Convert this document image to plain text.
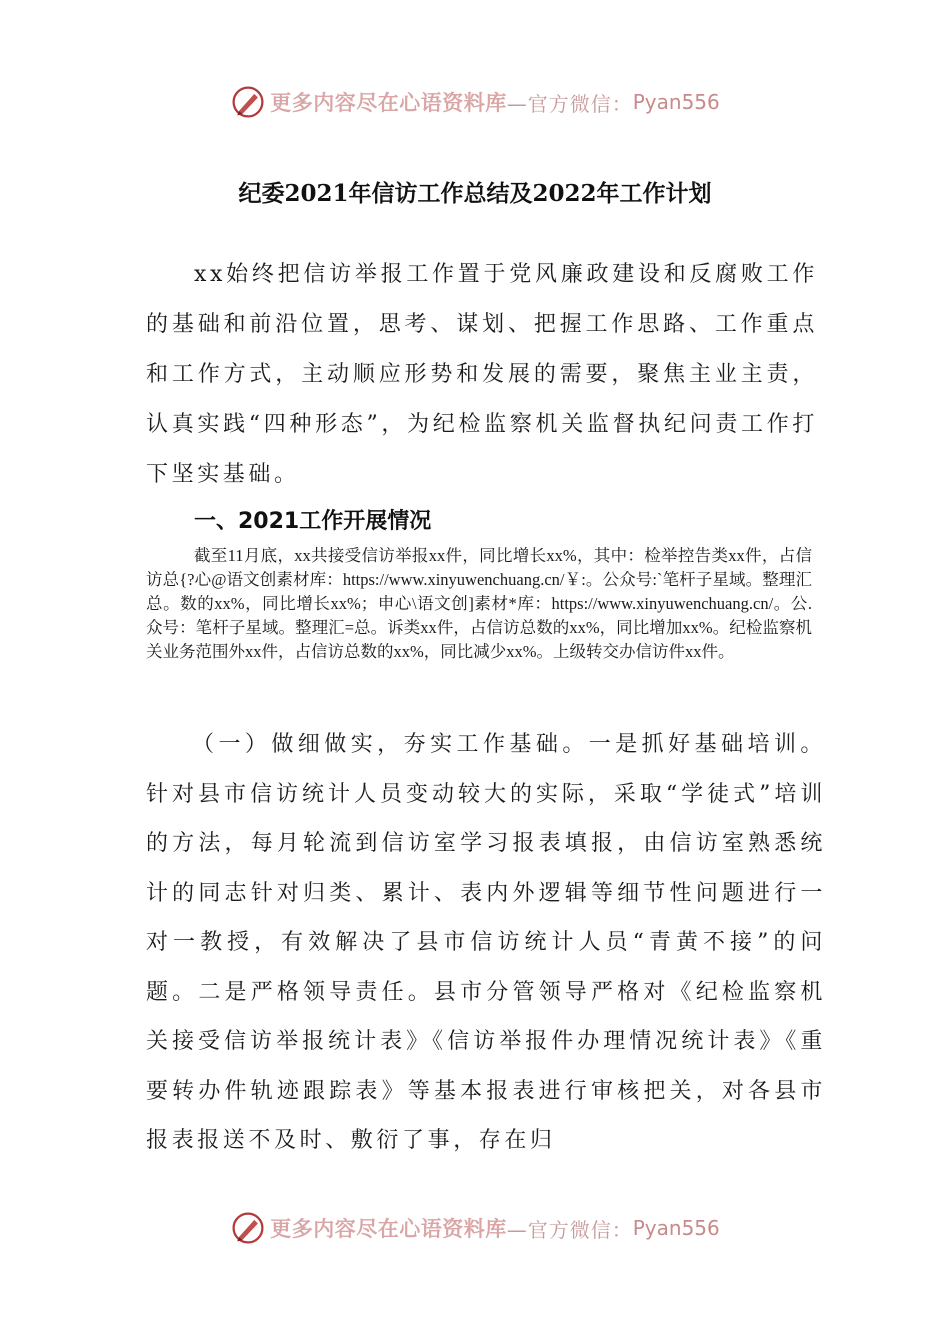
更多内容尽在心语资料库 —官方微信： Pyan556
纪委2021年信访工作总结及2022年工作计划

xx始终把信访举报工作置于党风廉政建设和反腐败工作的基础和前沿位置，思考、谋划、把握工作思路、工作重点和工作方式，主动顺应形势和发展的需要，聚焦主业主责，认真实践“四种形态”，为纪检监察机关监督执纪问责工作打下坚实基础。

一、2021工作开展情况

截至11月底，xx共接受信访举报xx件，同比增长xx%，其中：检举控告类xx件，占信访总{?心@语文创素材库：https://www.xinyuwenchuang.cn/￥:。公众号:`笔杆子星域。整理汇总。数的xx%，同比增长xx%；申心\语文创]素材*库：https://www.xinyuwenchuang.cn/。公.众号：笔杆子星域。整理汇=总。诉类xx件，占信访总数的xx%，同比增加xx%。纪检监察机关业务范围外xx件，占信访总数的xx%，同比减少xx%。上级转交办信访件xx件。

（一）做细做实，夯实工作基础。一是抓好基础培训。针对县市信访统计人员变动较大的实际，采取“学徒式”培训的方法，每月轮流到信访室学习报表填报，由信访室熟悉统计的同志针对归类、累计、表内外逻辑等细节性问题进行一对一教授，有效解决了县市信访统计人员“青黄不接”的问题。二是严格领导责任。县市分管领导严格对《纪检监察机关接受信访举报统计表》《信访举报件办理情况统计表》《重要转办件轨迹跟踪表》等基本报表进行审核把关，对各县市报表报送不及时、敷衍了事，存在归

更多内容尽在心语资料库 —官方微信： Pyan556
